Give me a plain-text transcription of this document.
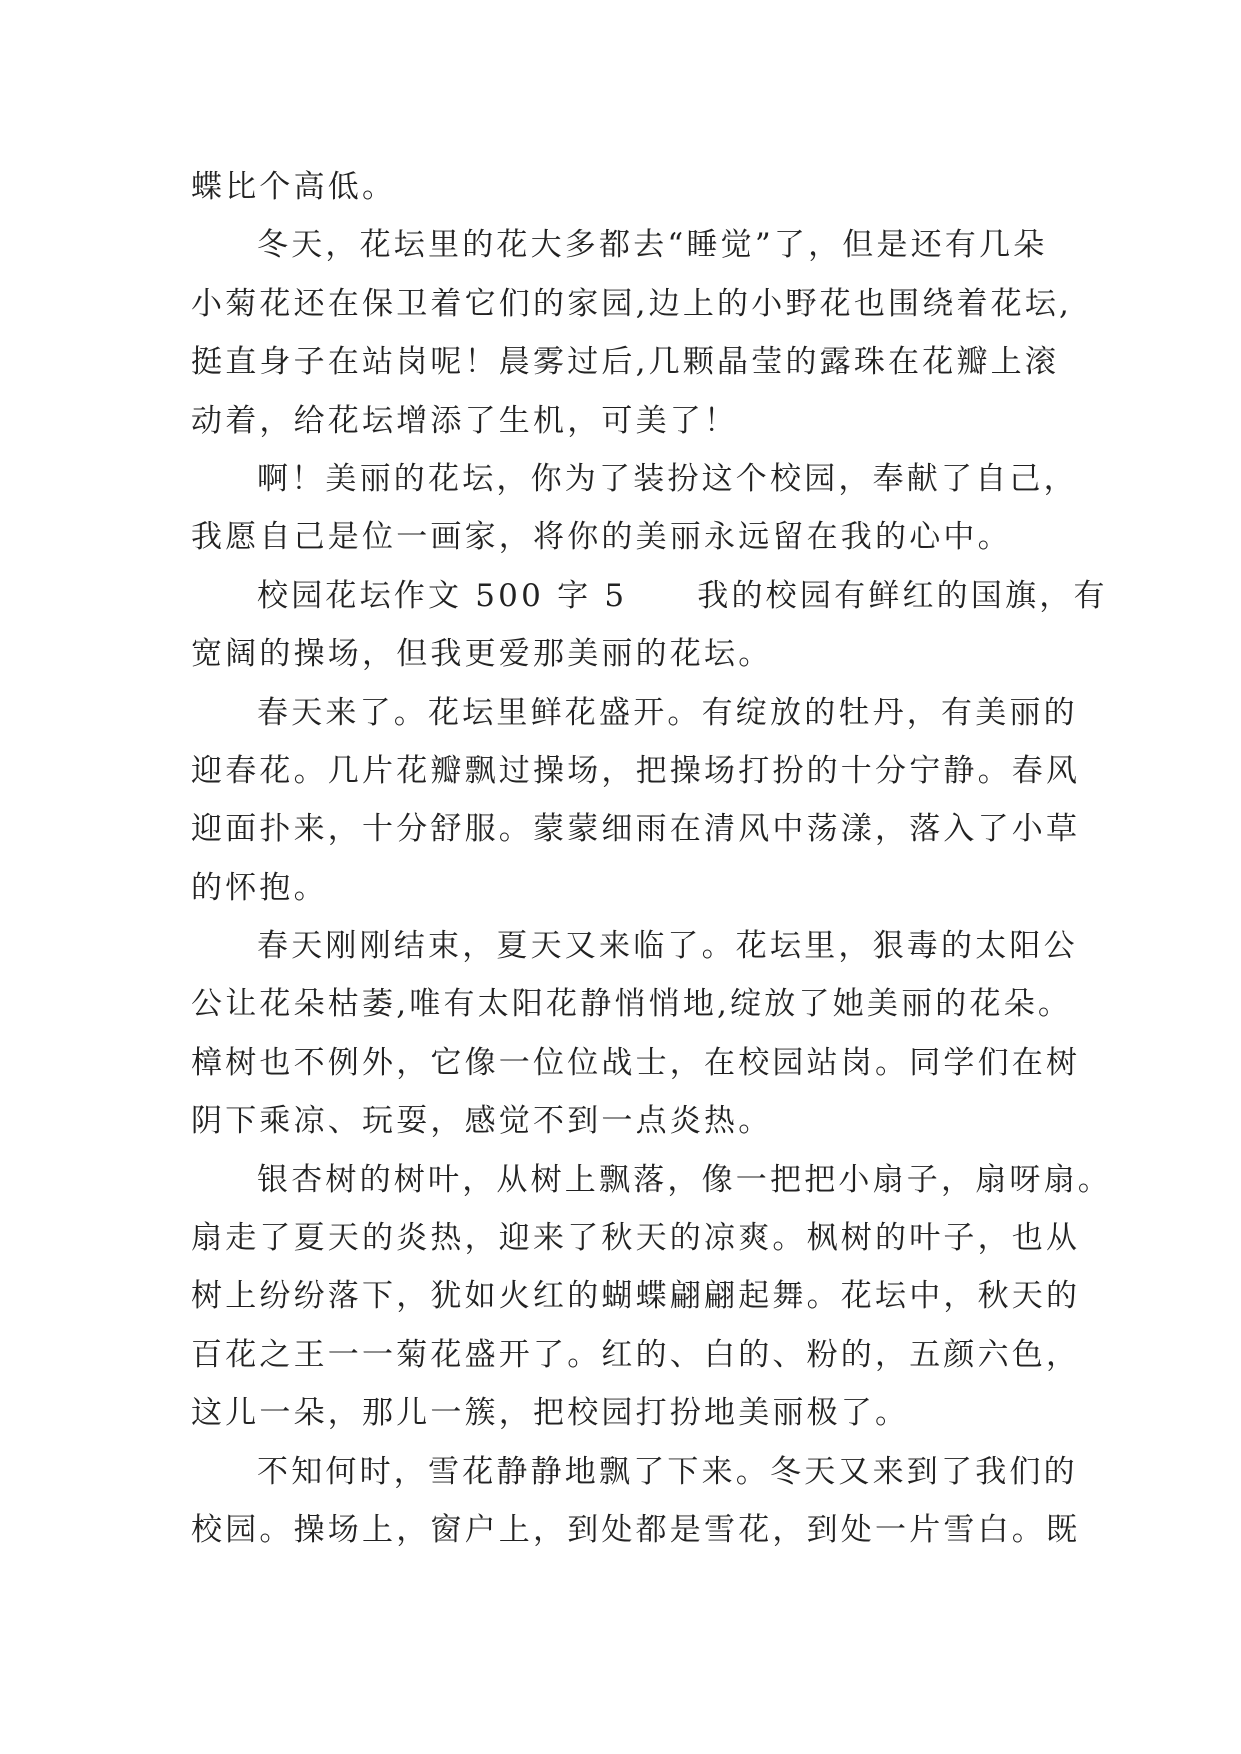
蝶比个高低。
冬天，花坛里的花大多都去“睡觉”了，但是还有几朵
小菊花还在保卫着它们的家园,边上的小野花也围绕着花坛,
挺直身子在站岗呢！晨雾过后,几颗晶莹的露珠在花瓣上滚
动着，给花坛增添了生机，可美了！
啊！美丽的花坛，你为了装扮这个校园，奉献了自己，
我愿自己是位一画家，将你的美丽永远留在我的心中。
校园花坛作文 500 字 5 我的校园有鲜红的国旗，有
宽阔的操场，但我更爱那美丽的花坛。
春天来了。花坛里鲜花盛开。有绽放的牡丹，有美丽的
迎春花。几片花瓣飘过操场，把操场打扮的十分宁静。春风
迎面扑来，十分舒服。蒙蒙细雨在清风中荡漾，落入了小草
的怀抱。
春天刚刚结束，夏天又来临了。花坛里，狠毒的太阳公
公让花朵枯萎,唯有太阳花静悄悄地,绽放了她美丽的花朵。
樟树也不例外，它像一位位战士，在校园站岗。同学们在树
阴下乘凉、玩耍，感觉不到一点炎热。
银杏树的树叶，从树上飘落，像一把把小扇子，扇呀扇。
扇走了夏天的炎热，迎来了秋天的凉爽。枫树的叶子，也从
树上纷纷落下，犹如火红的蝴蝶翩翩起舞。花坛中，秋天的
百花之王一一菊花盛开了。红的、白的、粉的，五颜六色，
这儿一朵，那儿一簇，把校园打扮地美丽极了。
不知何时，雪花静静地飘了下来。冬天又来到了我们的
校园。操场上，窗户上，到处都是雪花，到处一片雪白。既
